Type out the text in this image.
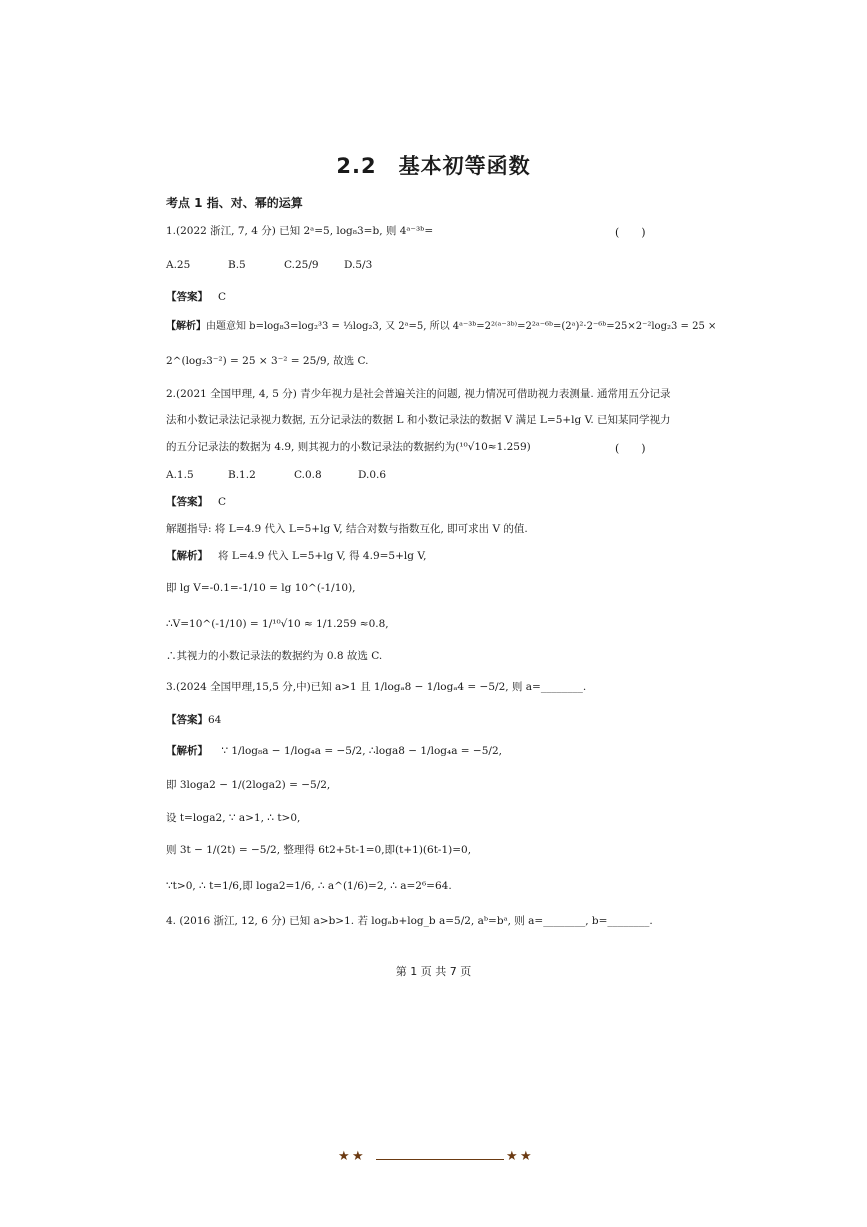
2.2　基本初等函数
考点 1 指、对、幂的运算
1.(2022 浙江, 7, 4 分) 已知 2ᵃ=5, log₈3=b, 则 4ᵃ⁻³ᵇ=	(　　)
A.25	B.5	C.25/9 D.5/3
【答案】 C
【解析】由题意知 b=log₈3=log₂³3 = ⅓log₂3, 又 2ᵃ=5, 所以 4ᵃ⁻³ᵇ=2²⁽ᵃ⁻³ᵇ⁾=2²ᵃ⁻⁶ᵇ=(2ᵃ)²·2⁻⁶ᵇ=25×2⁻²log₂3 = 25 ×
2^(log₂3⁻²) = 25 × 3⁻² = 25/9, 故选 C.
2.(2021 全国甲理, 4, 5 分) 青少年视力是社会普遍关注的问题, 视力情况可借助视力表测量. 通常用五分记录
法和小数记录法记录视力数据, 五分记录法的数据 L 和小数记录法的数据 V 满足 L=5+lg V. 已知某同学视力
的五分记录法的数据为 4.9, 则其视力的小数记录法的数据约为(¹⁰√10≈1.259)	(　　)
A.1.5	B.1.2	C.0.8	D.0.6
【答案】 C
解题指导: 将 L=4.9 代入 L=5+lg V, 结合对数与指数互化, 即可求出 V 的值.
【解析】 将 L=4.9 代入 L=5+lg V, 得 4.9=5+lg V,
即 lg V=-0.1=-1/10 = lg 10^(-1/10),
∴V=10^(-1/10) = 1/¹⁰√10 ≈ 1/1.259 ≈0.8,
∴其视力的小数记录法的数据约为 0.8 故选 C.
3.(2024 全国甲理,15,5 分,中)已知 a>1 且 1/logₐ8 − 1/logₐ4 = −5/2, 则 a=________.
【答案】64
【解析】 ∵ 1/log₈a − 1/log₄a = −5/2, ∴loga8 − 1/log₄a = −5/2,
即 3loga2 − 1/(2loga2) = −5/2,
设 t=loga2, ∵ a>1, ∴ t>0,
则 3t − 1/(2t) = −5/2, 整理得 6t2+5t-1=0,即(t+1)(6t-1)=0,
∵t>0, ∴ t=1/6,即 loga2=1/6, ∴ a^(1/6)=2, ∴ a=2⁶=64.
4. (2016 浙江, 12, 6 分) 已知 a>b>1. 若 logₐb+log_b a=5/2, aᵇ=bᵃ, 则 a=________, b=________.
第 1 页 共 7 页
★ ★	★ ★
